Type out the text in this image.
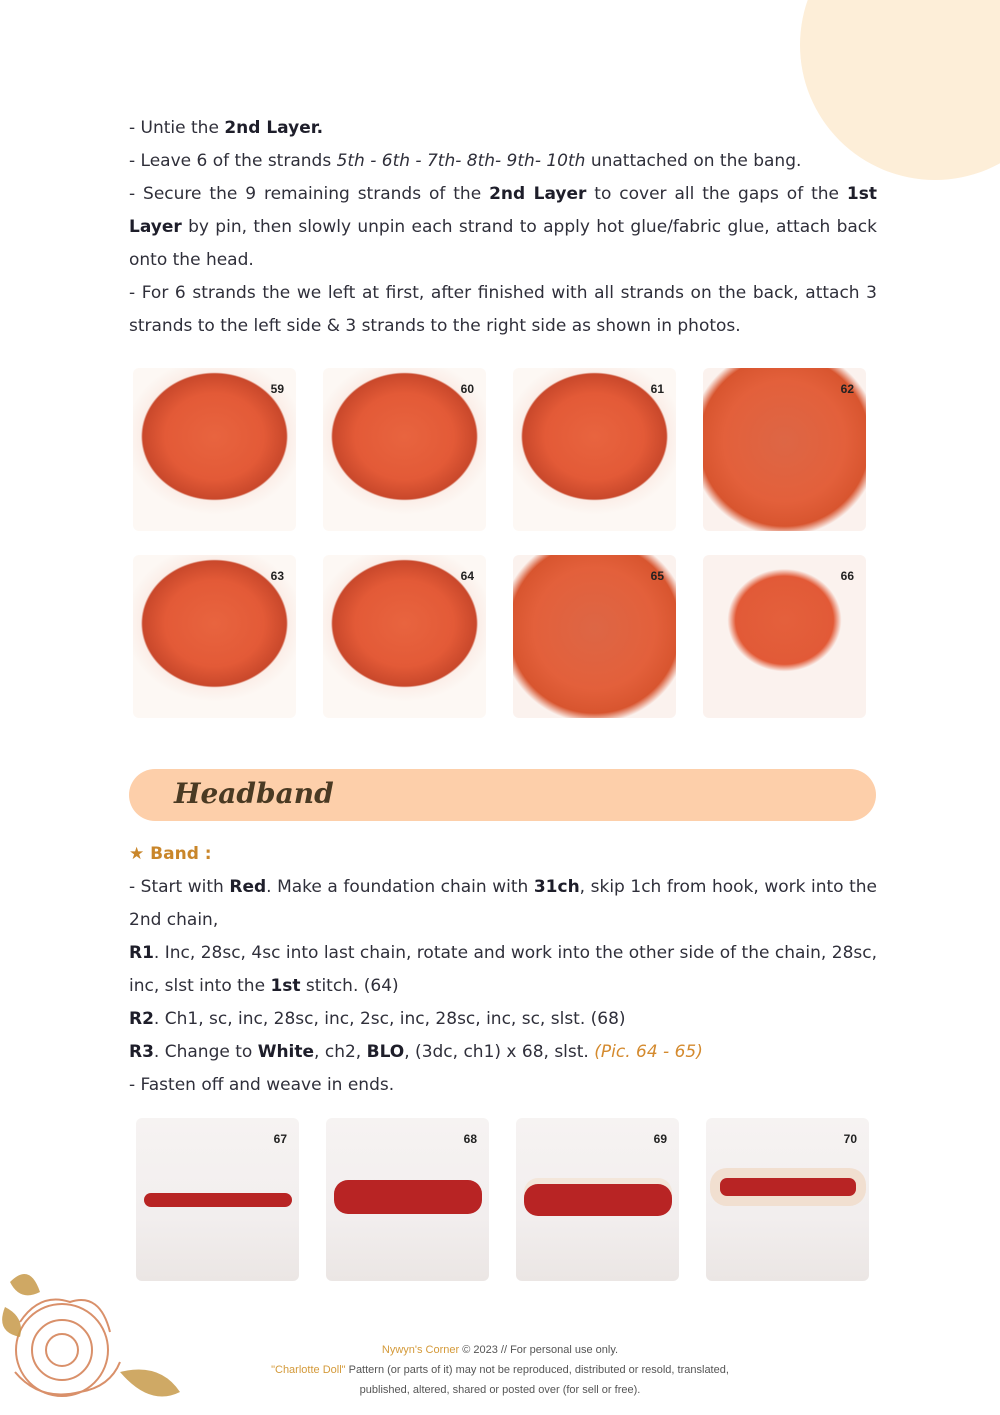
- Untie the 2nd Layer.

- Leave 6 of the strands 5th - 6th - 7th- 8th- 9th- 10th unattached on the bang.

- Secure the 9 remaining strands of the 2nd Layer to cover all the gaps of the 1st Layer by pin, then slowly unpin each strand to apply hot glue/fabric glue, attach back onto the head.

- For 6 strands the we left at first, after finished with all strands on the back, attach 3 strands to the left side & 3 strands to the right side as shown in photos.

59	60	61	62
63	64	65	66
Headband

★ Band :

- Start with Red. Make a foundation chain with 31ch, skip 1ch from hook, work into the 2nd chain,

R1. Inc, 28sc, 4sc into last chain, rotate and work into the other side of the chain, 28sc, inc, slst into the 1st stitch. (64)

R2. Ch1, sc, inc, 28sc, inc, 2sc, inc, 28sc, inc, sc, slst. (68)

R3. Change to White, ch2, BLO, (3dc, ch1) x 68, slst. (Pic. 64 - 65)

- Fasten off and weave in ends.

67	68	69	70
Nywyn's Corner © 2023 // For personal use only.
"Charlotte Doll" Pattern (or parts of it) may not be reproduced, distributed or resold, translated,
published, altered, shared or posted over (for sell or free).
